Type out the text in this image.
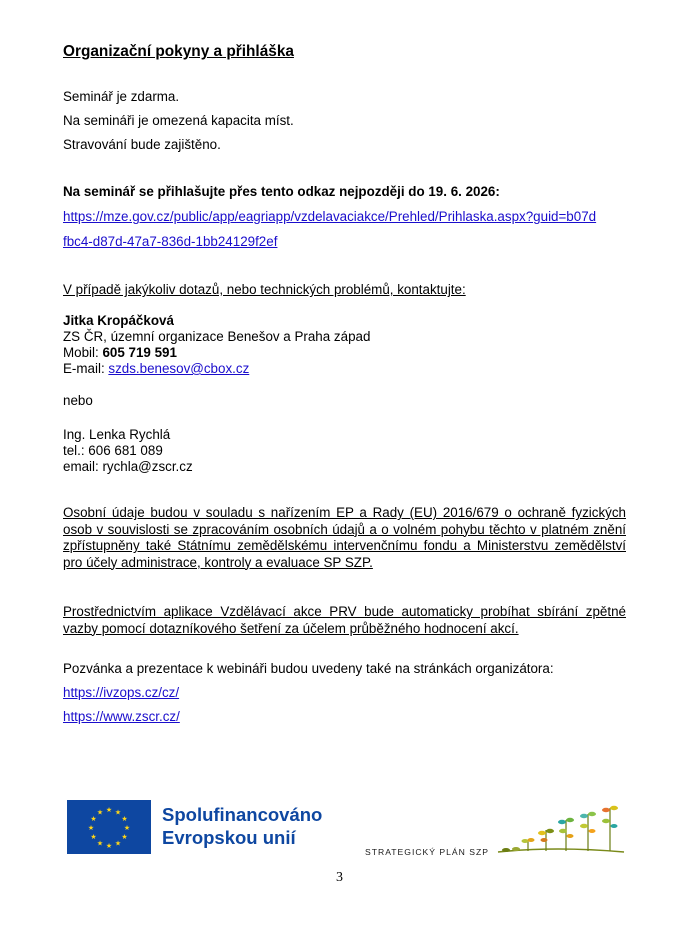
Organizační pokyny a přihláška
Seminář je zdarma.
Na semináři je omezená kapacita míst.
Stravování bude zajištěno.
Na seminář se přihlašujte přes tento odkaz nejpozději do 19. 6. 2026:
https://mze.gov.cz/public/app/eagriapp/vzdelavaciakce/Prehled/Prihlaska.aspx?guid=b07d
fbc4-d87d-47a7-836d-1bb24129f2ef
V případě jakýkoliv dotazů, nebo technických problémů, kontaktujte:
Jitka Kropáčková
ZS ČR, územní organizace Benešov a Praha západ
Mobil: 605 719 591
E-mail: szds.benesov@cbox.cz
nebo
Ing. Lenka Rychlá
tel.: 606 681 089
email: rychla@zscr.cz
Osobní údaje budou v souladu s nařízením EP a Rady (EU) 2016/679 o ochraně fyzických osob v souvislosti se zpracováním osobních údajů a o volném pohybu těchto v platném znění zpřístupněny také Státnímu zemědělskému intervenčnímu fondu a Ministerstvu zemědělství pro účely administrace, kontroly a evaluace SP SZP.
Prostřednictvím aplikace Vzdělávací akce PRV bude automaticky probíhat sbírání zpětné vazby pomocí dotazníkového šetření za účelem průběžného hodnocení akcí.
Pozvánka a prezentace k webináři budou uvedeny také na stránkách organizátora:
https://ivzops.cz/cz/
https://www.zscr.cz/
★ ★
★
★
★
★
★
★
★
★
★
★	Spolufinancováno
Evropskou unií
STRATEGICKÝ PLÁN SZP
3
